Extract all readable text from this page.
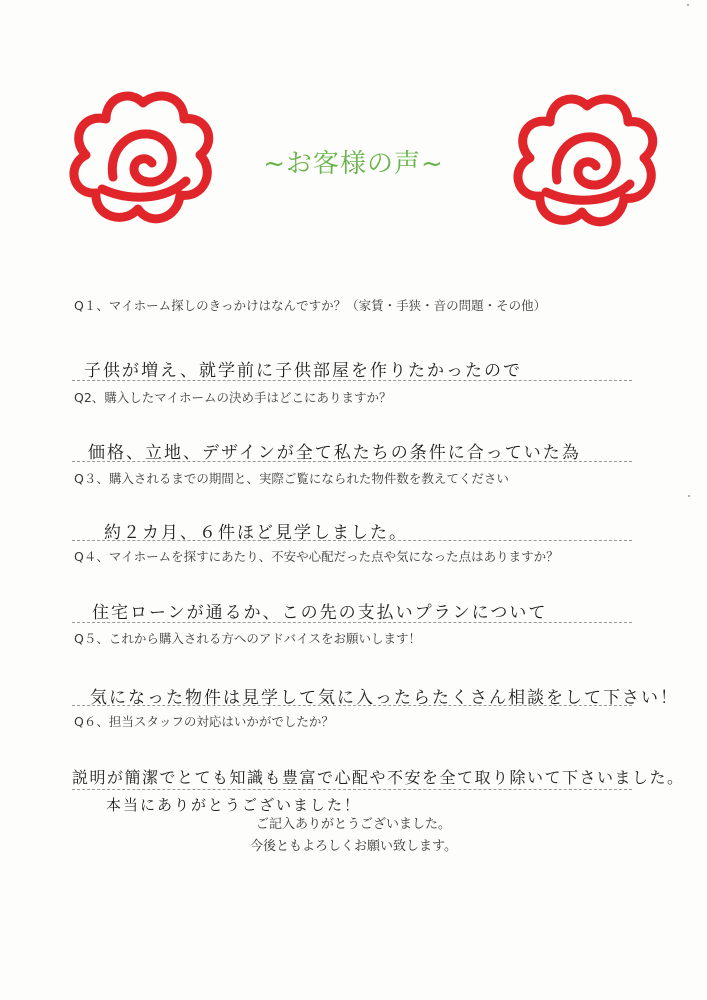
~お客様の声~
Q１、マイホーム探しのきっかけはなんですか？（家賃・手狭・音の問題・その他）
子供が増え、就学前に子供部屋を作りたかったので
Q2、購入したマイホームの決め手はどこにありますか？
価格、立地、デザインが全て私たちの条件に合っていた為
Q３、購入されるまでの期間と、実際ご覧になられた物件数を教えてください
約２カ月、６件ほど見学しました。
Q４、マイホームを探すにあたり、不安や心配だった点や気になった点はありますか？
住宅ローンが通るか、この先の支払いプランについて
Q５、これから購入される方へのアドバイスをお願いします！
気になった物件は見学して気に入ったらたくさん相談をして下さい！
Q６、担当スタッフの対応はいかがでしたか？
説明が簡潔でとても知識も豊富で心配や不安を全て取り除いて下さいました。
本当にありがとうございました！
ご記入ありがとうございました。
今後ともよろしくお願い致します。
